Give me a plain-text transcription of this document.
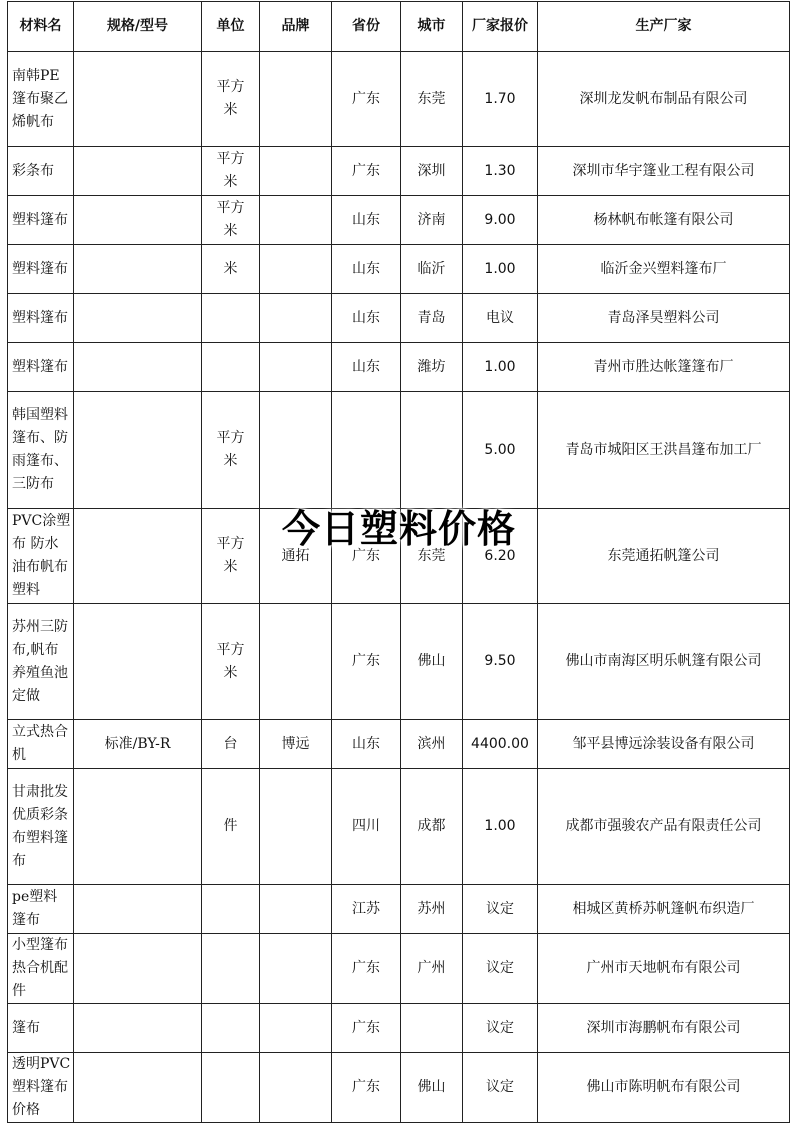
材料名	规格/型号	单位	品牌	省份	城市	厂家报价	生产厂家
南韩PE篷布聚乙烯帆布		平方米		广东	东莞	1.70	深圳龙发帆布制品有限公司
彩条布		平方米		广东	深圳	1.30	深圳市华宇篷业工程有限公司
塑料篷布		平方米		山东	济南	9.00	杨林帆布帐篷有限公司
塑料篷布		米		山东	临沂	1.00	临沂金兴塑料篷布厂
塑料篷布				山东	青岛	电议	青岛泽昊塑料公司
塑料篷布				山东	潍坊	1.00	青州市胜达帐篷篷布厂
韩国塑料篷布、防雨篷布、三防布		平方米				5.00	青岛市城阳区王洪昌篷布加工厂
PVC涂塑布 防水油布帆布 塑料		平方米	通拓	广东	东莞	6.20	东莞通拓帆篷公司
苏州三防布,帆布养殖鱼池定做		平方米		广东	佛山	9.50	佛山市南海区明乐帆篷有限公司
立式热合机	标准/BY-R	台	博远	山东	滨州	4400.00	邹平县博远涂装设备有限公司
甘肃批发优质彩条布塑料篷布		件		四川	成都	1.00	成都市强骏农产品有限责任公司
pe塑料篷布				江苏	苏州	议定	相城区黄桥苏帆篷帆布织造厂
小型篷布热合机配件				广东	广州	议定	广州市天地帆布有限公司
篷布				广东		议定	深圳市海鹏帆布有限公司
透明PVC塑料篷布价格				广东	佛山	议定	佛山市陈明帆布有限公司
今日塑料价格
